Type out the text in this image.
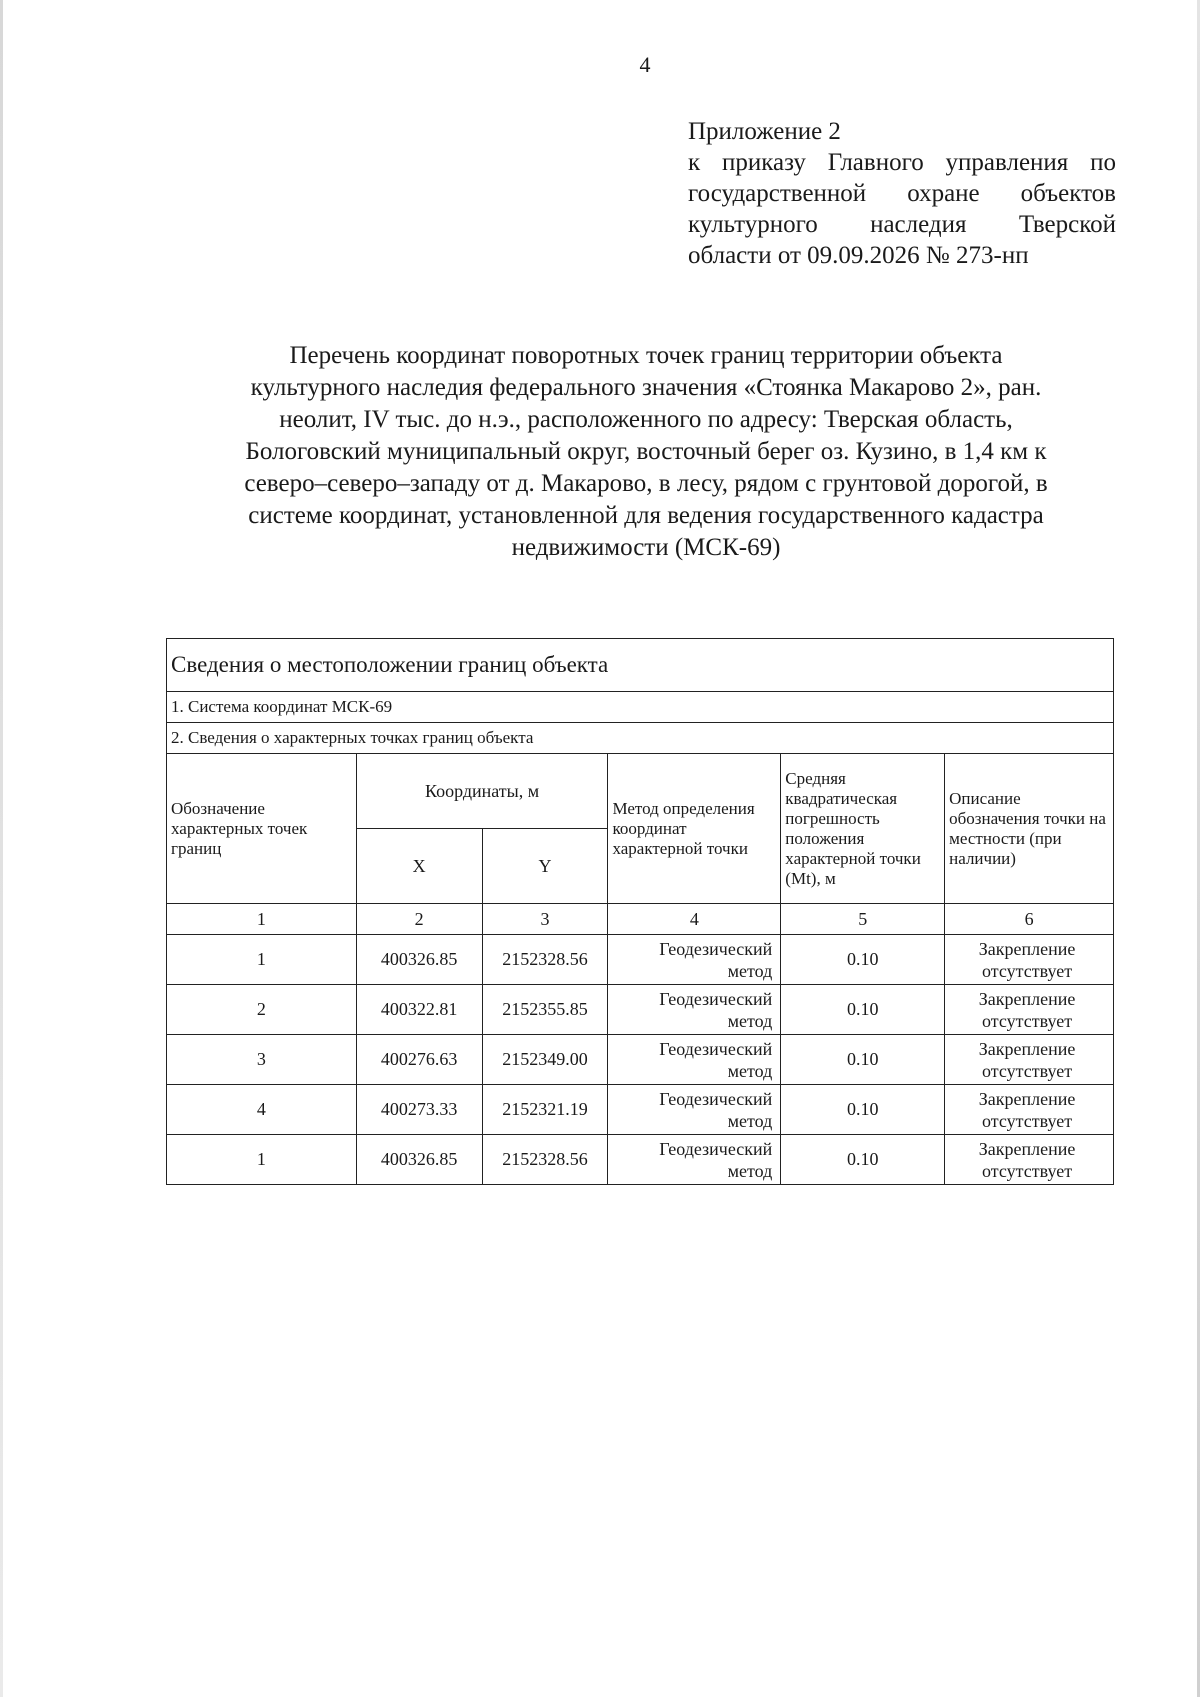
4
Приложение 2
к приказу Главного управления по
государственной охране объектов
культурного наследия Тверской
области от 09.09.2026 № 273-нп
Перечень координат поворотных точек границ территории объекта
культурного наследия федерального значения «Стоянка Макарово 2», ран.
неолит, IV тыс. до н.э., расположенного по адресу: Тверская область,
Бологовский муниципальный округ, восточный берег оз. Кузино, в 1,4 км к
северо–северо–западу от д. Макарово, в лесу, рядом с грунтовой дорогой, в
системе координат, установленной для ведения государственного кадастра
недвижимости (МСК-69)
Сведения о местоположении границ объекта					
1. Система координат МСК-69					
2. Сведения о характерных точках границ объекта					
Обозначение характерных точек границ	Координаты, м		Метод определения координат характерной точки	Средняя квадратическая погрешность положения характерной точки (Mt), м	Описание обозначения точки на местности (при наличии)
	X	Y			
1	2	3	4	5	6
1	400326.85	2152328.56	Геодезический метод	0.10	Закрепление отсутствует
2	400322.81	2152355.85	Геодезический метод	0.10	Закрепление отсутствует
3	400276.63	2152349.00	Геодезический метод	0.10	Закрепление отсутствует
4	400273.33	2152321.19	Геодезический метод	0.10	Закрепление отсутствует
1	400326.85	2152328.56	Геодезический метод	0.10	Закрепление отсутствует
